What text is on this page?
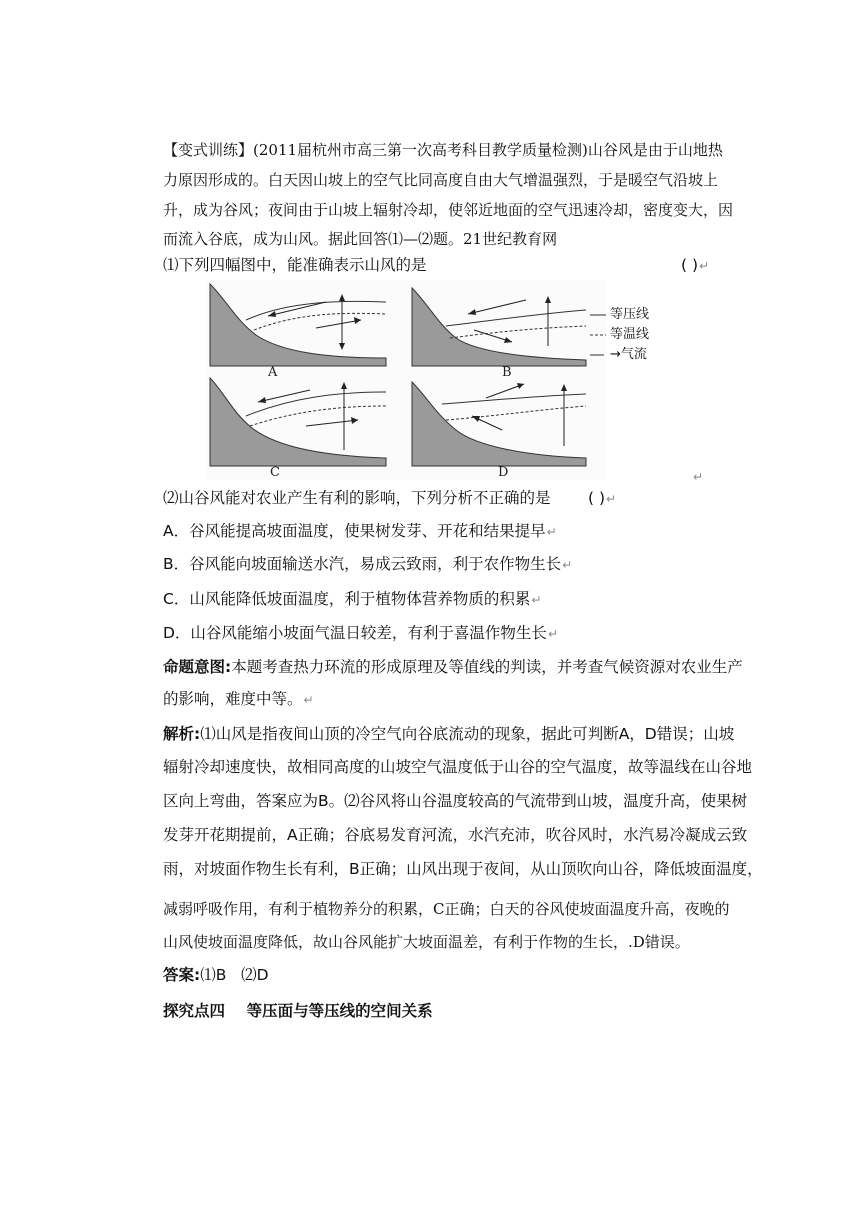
【变式训练】(2011届杭州市高三第一次高考科目教学质量检测)山谷风是由于山地热
力原因形成的。白天因山坡上的空气比同高度自由大气增温强烈，于是暖空气沿坡上
升，成为谷风；夜间由于山坡上辐射冷却，使邻近地面的空气迅速冷却，密度变大，因
而流入谷底，成为山风。据此回答⑴—⑵题。21世纪教育网
⑴下列四幅图中，能准确表示山风的是	( )↵
A	B
C	D
等压线
等温线
→气流
↵
⑵山谷风能对农业产生有利的影响，下列分析不正确的是 ( )↵
A．谷风能提高坡面温度，使果树发芽、开花和结果提早↵
B．谷风能向坡面输送水汽，易成云致雨，利于农作物生长↵
C．山风能降低坡面温度，利于植物体营养物质的积累↵
D．山谷风能缩小坡面气温日较差，有利于喜温作物生长↵
命题意图:本题考查热力环流的形成原理及等值线的判读，并考查气候资源对农业生产
的影响，难度中等。↵
解析:⑴山风是指夜间山顶的冷空气向谷底流动的现象，据此可判断A，D错误；山坡
辐射冷却速度快，故相同高度的山坡空气温度低于山谷的空气温度，故等温线在山谷地
区向上弯曲，答案应为B。⑵谷风将山谷温度较高的气流带到山坡，温度升高，使果树
发芽开花期提前，A正确；谷底易发育河流，水汽充沛，吹谷风时，水汽易冷凝成云致
雨，对坡面作物生长有利，B正确；山风出现于夜间，从山顶吹向山谷，降低坡面温度，
减弱呼吸作用，有利于植物养分的积累，C正确；白天的谷风使坡面温度升高，夜晚的
山风使坡面温度降低，故山谷风能扩大坡面温差，有利于作物的生长，.D错误。
答案:⑴B   ⑵D
探究点四    等压面与等压线的空间关系
